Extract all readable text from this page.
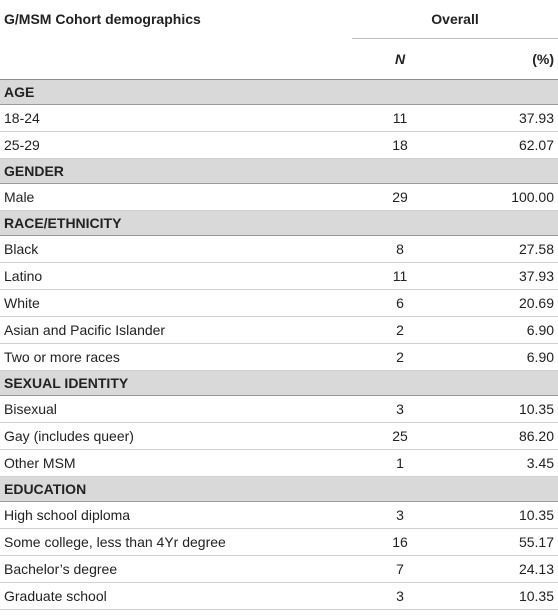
G/MSM Cohort demographics	Overall	
	N	(%)
AGE		
18-24	11	37.93
25-29	18	62.07
GENDER		
Male	29	100.00
RACE/ETHNICITY		
Black	8	27.58
Latino	11	37.93
White	6	20.69
Asian and Pacific Islander	2	6.90
Two or more races	2	6.90
SEXUAL IDENTITY		
Bisexual	3	10.35
Gay (includes queer)	25	86.20
Other MSM	1	3.45
EDUCATION		
High school diploma	3	10.35
Some college, less than 4Yr degree	16	55.17
Bachelor’s degree	7	24.13
Graduate school	3	10.35
